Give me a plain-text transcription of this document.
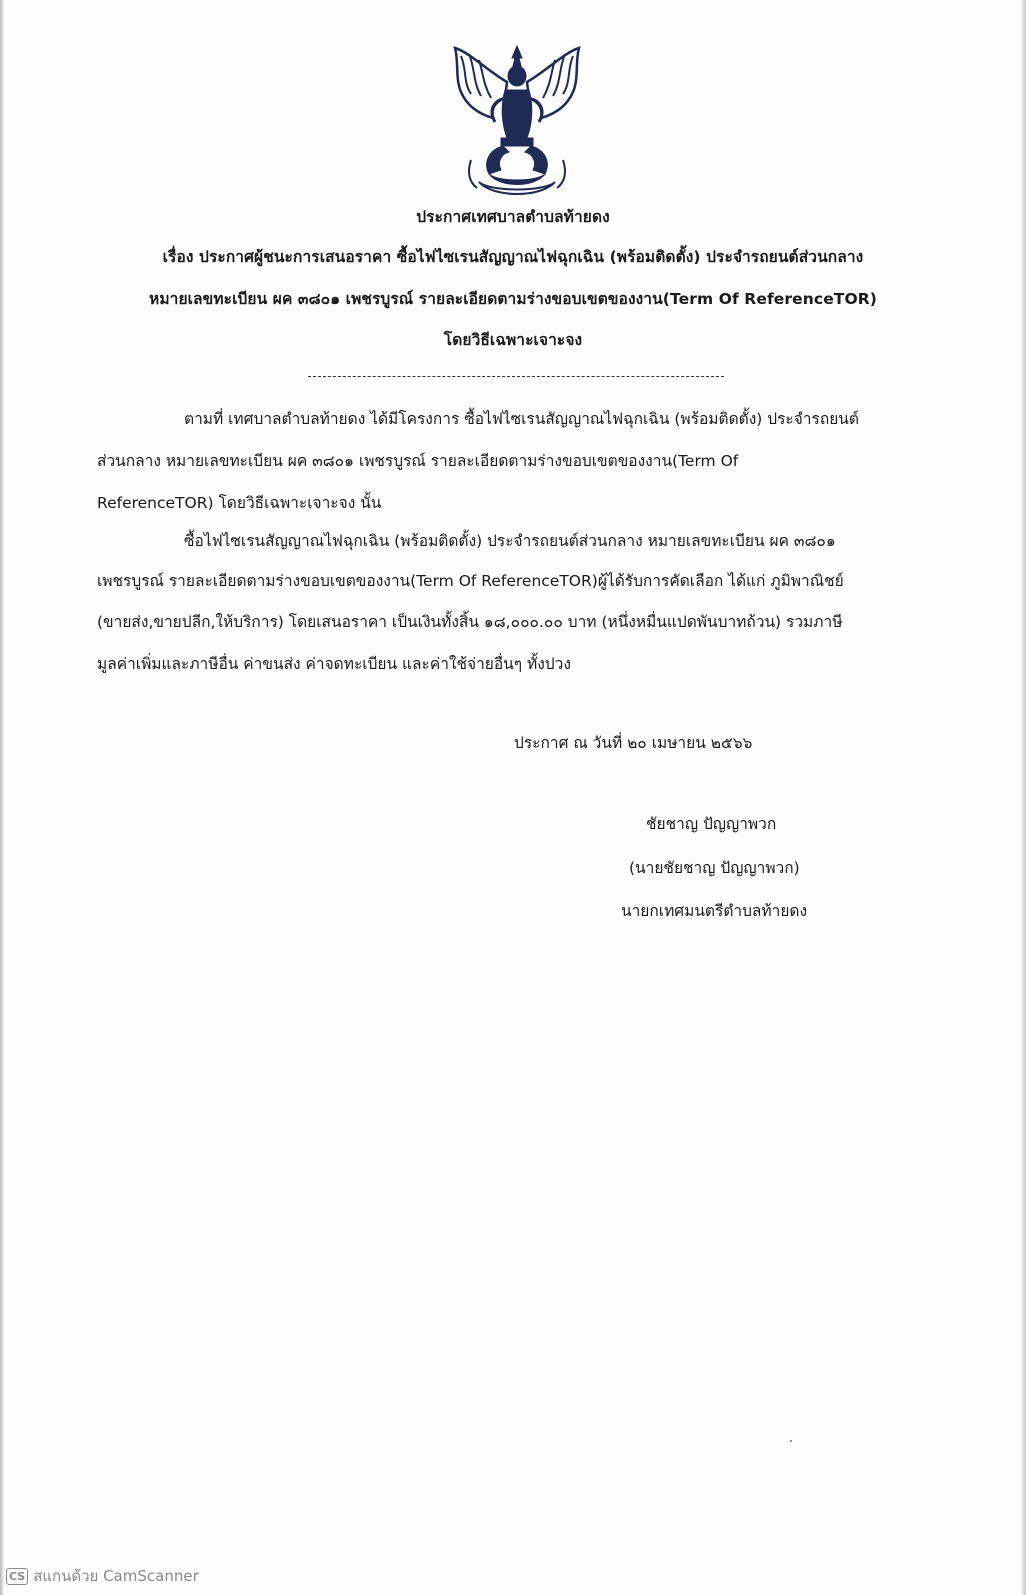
ประกาศเทศบาลตำบลท้ายดง
เรื่อง ประกาศผู้ชนะการเสนอราคา ซื้อไฟไซเรนสัญญาณไฟฉุกเฉิน (พร้อมติดตั้ง) ประจำรถยนต์ส่วนกลาง
หมายเลขทะเบียน ผค ๓๘๐๑ เพชรบูรณ์ รายละเอียดตามร่างขอบเขตของงาน(Term Of ReferenceTOR)
โดยวิธีเฉพาะเจาะจง
ตามที่ เทศบาลตำบลท้ายดง ได้มีโครงการ ซื้อไฟไซเรนสัญญาณไฟฉุกเฉิน (พร้อมติดตั้ง) ประจำรถยนต์
ส่วนกลาง หมายเลขทะเบียน ผค ๓๘๐๑ เพชรบูรณ์ รายละเอียดตามร่างขอบเขตของงาน(Term Of
ReferenceTOR) โดยวิธีเฉพาะเจาะจง นั้น
ซื้อไฟไซเรนสัญญาณไฟฉุกเฉิน (พร้อมติดตั้ง) ประจำรถยนต์ส่วนกลาง หมายเลขทะเบียน ผค ๓๘๐๑
เพชรบูรณ์ รายละเอียดตามร่างขอบเขตของงาน(Term Of ReferenceTOR)ผู้ได้รับการคัดเลือก ได้แก่ ภูมิพาณิชย์
(ขายส่ง,ขายปลีก,ให้บริการ) โดยเสนอราคา เป็นเงินทั้งสิ้น ๑๘,๐๐๐.๐๐ บาท (หนึ่งหมื่นแปดพันบาทถ้วน) รวมภาษี
มูลค่าเพิ่มและภาษีอื่น ค่าขนส่ง ค่าจดทะเบียน และค่าใช้จ่ายอื่นๆ ทั้งปวง
ประกาศ ณ วันที่ ๒๐ เมษายน ๒๕๖๖
ชัยชาญ ปัญญาพวก
(นายชัยชาญ ปัญญาพวก)
นายกเทศมนตรีตำบลท้ายดง
CS สแกนด้วย CamScanner
